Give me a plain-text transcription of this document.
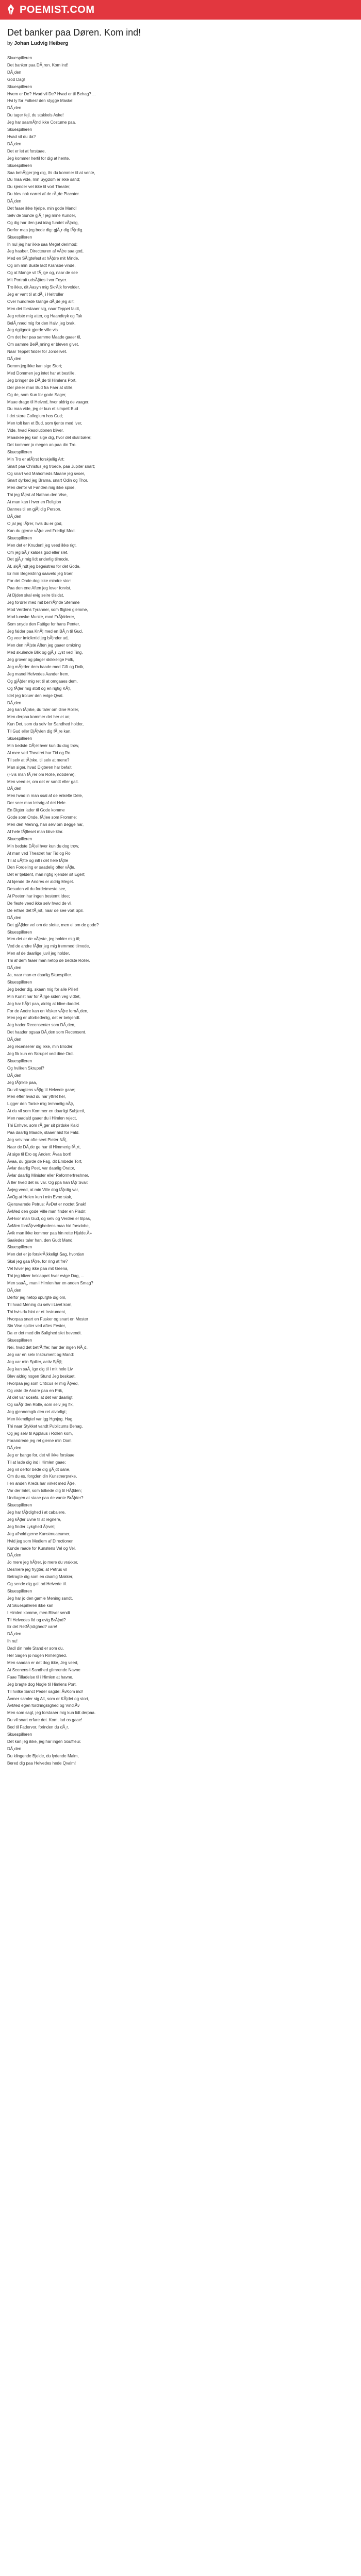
POEMIST.COM
Det banker paa Døren. Kom ind!
by Johan Ludvig Heiberg
Skuespilleren
Det banker paa DÃ¸ren. Kom ind!
DÃ¸den
God Dag!
Skuespilleren
Hvem er De? Hvad vil De? Hvad er til Behag? ...
Hvi ly for Folkes! den stygge Maske!
DÃ¸den
Du tager fejl, du stakkels Aske!
Jeg har saamÃ¦nd ikke Costume paa.
Skuespilleren
Hvad vil du da?
DÃ¸den
Det er let at forstaae,
Jeg kommer hertil for dig at hente.
Skuespilleren
Saa behÃ¦ger jeg dig, thi du kommer til at vente,
Du maa vide, min Sygdom er ikke sand;
Du kjender vel ikke til vort Theater,
Du blev nok narret af de rÃ¸de Placater.
DÃ¸den
Det faaer ikke hjelpe, min gode Mand!
Selv de Sunde gjÃ¸r jeg mine Kunder,
Og dig har den just idag fundet vÃ¦rdig,
Derfor maa jeg bede dig: gjÃ¸r dig fÃ¦rdig.
Skuespilleren
Ih nu! jeg har ikke saa Meget derimod;
Jeg haaber, Directeuren af vÃ¦re saa god,
Med en SÃ¦gtefest at hÃ¦dre mit Minde,
Og om min Buste ladt Kransbe vinde,
Og at Mange vil fÃ¸lge og, naar de see
Mit Portrait udsÃ¦ttes i vor Foyer.
Tro ikke, dit Aasyn mig SkrÃ¦k forvolder,
Jeg er vant til at dÃ¸ i Heltroller
Over hundrede Gange dÃ¸de jeg allt;
Men det forstaaer sig, naar Teppet faldt,
Jeg reiste mig atter, og Haandtryk og Tak
BelÃ¸nned mig for den Halv, jeg brak.
Jeg rigtignok gjorde ville vis
Om det her paa samme Maade gaaer til,
Om samme BelÃ¸nning er bleven givet,
Naar Teppet falder for Jordelivet.
DÃ¸den
Derom jeg ikke kan sige Stort;
Med Dommen jeg intet har at bestille,
Jeg bringer de DÃ¸de til Himlens Port,
Der pleier man Bud fra Faer at stille,
Og de, som Kun for gode Sager,
Maae drage til Helved, hvor aldrig de vaager.
Du maa vide, jeg er kun et simpelt Bud
I det store Collegium hos Gud;
Men tolt kan et Bud, som tjente med Iver,
Vide, hvad Resolutionen bliver.
Maaskee jeg kan sige dig, hvor det skal bære;
Det kommer jo megen an paa din Tro.
Skuespilleren
Min Tro er afÃ¦rst forskjellig Art:
Snart paa Christus jeg troede, paa Jupiter snart;
Og snart ved Mahomeds Maane jeg svoer,
Snart dyrked jeg Brama, snart Odin og Thor.
Men derfor vil Fanden mig ikke spise,
Thi jeg fÃ¦rst af Nathan den Vise,
At man kan i hver en Religion
Dannes til en gjÃ¦ldig Person.
DÃ¸den
O jal jeg lÃ¦rer, hvis du er god,
Kan du gjerne vÃ¦re ved Fredigt Mod.
Skuespilleren
Men det er Knuden! jeg veed ikke rigt,
Om jeg bÃ¸r kaldes god eller slet.
Det gjÃ¸r mig lidt underlig tilmode,
At, skjÃ¸ndt jeg begeistres for det Gode,
Er min Begeistring saaveld jeg troer,
For det Onde dog ikke mindre stor:
Paa den ene Aften jeg lover forvist,
At Djden skal evig seire tilsidst,
Jeg fordrer med mit ber?Ã¦nde Stemme
Mod Verdens Tyranner, som ffigten glemme,
Mod lumske Munke, mod FrÃ¦dderer,
Som snyde den Fattige for hans Penter,
Jeg falder paa KnÃ¦ med en BÃ¸n til Gud,
Og veer imidlertid jeg bÃ¦nder ud,
Men den nÃ¦ste Aften jeg gaaer omkring
Med skulende Blik og gjÃ¸r Lyst ved Ting,
Jeg grover og plager skikkelige Folk,
Jeg mÃ¦rder dem baade med Gift og Dolk,
Jeg manel Helvedes Aander frem,
Og gjÃ¦der mig ret til at omgaaes dem,
Og fÃ¦ler mig stolt og en rigtig KÃ¦l,
Idet jeg troluer den evige Qval.
DÃ¸den
Jeg kan tÃ¦nke, du taler om dine Roller,
Men derpaa kommer det her ei an;
Kun Det, som du selv for Sandhed holder,
Til Gud eller DjÃ¦vlen dig fÃ¸re kan.
Skuespilleren
Min bedste DÃ¦el hver kun du dog trow,
Al mee ved Theatret har Tid og Ro.
Til selv at tÃ¦nke, til selv at mene?
Man siger, hvad Digteren har befalt,
(Hvis man fÃ¸rer om Rolle, nobdene),
Men veed er, om det er sandt eller galt.
DÃ¸den
Men hvad in man ssal af de enkelte Dele,
Der seer man letsrig af det Hele.
En Digter lader til Gode komme
Gode som Onde, fÃ¦lee som Fromme;
Men den Mening, han selv om Begge har,
Af hele fÃ¦lleset man blive klar.
Skuespilleren
Min bedste DÃ¦el hver kun du dog trow,
At man ved Theatret har Tid og Ro
Til at uÃ¦tte og intl i det hele fÃ¦lle
Den Fordeling er saadelig ofter vÃ¦le,
Det er tjeldent, man rigtig kjender sit Egert;
At kjende de Andres er aldrig Meget.
Desuden vil du fordetmeste see,
At Poeten har ingen bestemt Idee;
De fleste veed ikke selv hvad de vil,
De erfare det fÃ¸rst, naar de see vort Spil.
DÃ¸den
Det gjÃ¦lder vel om de slette, men ei om de gode?
Skuespilleren
Men det er de vÃ¦rste, jeg holder mig til;
Ved de andre fÃ¦ler jeg mig fremmed tilmode,
Men af de daarlige juvil jeg holder,
Thi af dem faaer man netop de bedste Roller.
DÃ¸den
Ja, naar man er daarlig Skuespiller.
Skuespilleren
Jeg beder dig, skaan mig for alle Piller!
Min Kunst har for Ã¦rge siden veg vidtet,
Jeg har hÃ¦rt paa, aldrig at blive daddet.
For de Andre kan en Visker vÃ¦re fornÃ¸den,
Men jeg er uforbederlig, det er bekjendt.
Jeg hader Recensenter som DÃ¸den,
Det haader ogsaa DÃ¸den som Recensent.
DÃ¸den
Jeg recenserer dig ikke, min Broder;
Jeg fik kun en Skrupel ved dine Ord.
Skuespilleren
Og hvilken Skrupel?
DÃ¸den
Jeg tÃ¦nkte paa,
Du vil sagtens vÃ¦lg til Helvede gaae;
Men efter hvad du har yttret her,
Ligger den Tanke mig temmelig nÃ¦r,
At du vil som Kommer en daarligt Subjecti,
Men naadald gaaer du i Himlen reject,
Thi Enhver, som rÃ¸ger sit pirdske Kald
Paa daarlig Maade, staaer hist for Fald.
Jeg selv har ofte seet Pieter NÃ¦,
Naar de DÃ¸de ge har til Himmerig fÃ¸rt,
At sige til Ero og Anden: Ãvaa bort!
Ãvaa, du gjorde de Fag, dit Embede Tort,
Ãvlar daarlig Poet, var daarlig Orator,
Ãvlar daarlig Minister eller Reformerfreshner,
Ã ller hved det nu var. Og ppa han fÃ¦r Svar:
Ãvjeg veed, at min Ville dog fÃ¦rdig var,
ÃvOg at Helen kun i min Evne stak,
Gjensvarede Petrus: ÃvDet er noctet Snak!
ÃvMed den gode Ville man finder en Pladn;
ÃvHvor man Gud, og selv og Verden er tilpas,
ÃvMen fordÃ¦rvelighedens maa hid forsdobe,
Ãvik man ikke kommer paa hin rette Hjulde.Ã»
Saaledes taler han, den Gudt Mand.
Skuespilleren
Men det er jo forskrÃ¦kkeligt Sag, hvordan
Skal jeg gaa fÃ¦re, for ring at fre?
Vel tviver jeg ikke paa mit Geena,
Thi jeg bliver beklappet hver evige Dag, ...
Men saaÃ¸, man i Himlen har en anden Smag?
DÃ¸den
Derfor jeg netop spurgte dig om,
Til hvad Mening du selv i Livet kom,
Thi hvis du blot er et Instrument,
Hvorpaa snart en Fusker og snart en Mester
Sin Vise spiller ved aftes Fester,
Da er det med din Salighed slet bevendt.
Skuespilleren
Nei, hvad det betrÃ¦ffer, har der ingen NÃ¸d,
Jeg var en selv Instrument og Mand:
Jeg var min Spiller, activ SjÃ¦l;
Jeg kan saÃ¸ ige dig til i mit hele Liv
Blev aldrig nogen Stund Jeg beskuet,
Hvorpaa jeg som Criticus er mig Ã¦ved,
Og viste de Andre paa en Prik,
At det var uosefs, at det var daarligt.
Og saÃ¦r den Rolle, som selv jeg fik,
Jeg gjennemgik den ret alvorligt;
Men ikkmdlgtel var igg Hgnjog. Hag,
Thi naar Stykket vandt Publicums Behag,
Og jeg selv til Applaus i Rollen kom,
Forandrede jeg ret gierne min Dom.
DÃ¸den
Jeg er bange for, det vil ikke forslaae
Til at lade dig ind i Himlen gaae;
Jeg vil derfor bede dig gÃ¸dt oane,
Om du es, forgden din Kunstnerpvrke,
I en anden Kreds har virket med Ã¦re,
Var der Intet, som tolkede dig til HÃ¦lden;
Undtagen at staae paa de vante BrÃ¦der?
Skuespilleren
Jeg har fÃ¦rdighed i at cabalere,
Jeg kÃ¦ler Evne til at regnere,
Jeg finder Lykghed Ã¦rvel;
Jeg afhold gerne Kunstmuaeumer,
Hvid jeg som Medlem af Directionen
Kunde raade for Kunstens Vel og Vel.
DÃ¸den
Jo mere jeg hÃ¦rer, jo mere du vrakker,
Desmere jeg frygter, at Petrus vil
Betragte dig som en daarlig Makker,
Og sende dig galt ad Helvede til.
Skuespilleren
Jeg har jo den gamle Mening sandt,
At Skuespilleren ikke kan
I Himlen komme, men Bliver sendt
Til Helvedes Ild og evig BrÃ¦nd?
Er det RetfÃ¦rdighed? vare!
DÃ¸den
Ih nu!
Dadl din hele Stand er som du,
Her Sagen jo nogen Rimelighed.
Men saadan er det dog ikke, Jeg veed,
At Scenens i Sandhed glimrende Navne
Faae Tilladelse til i Himlen at havne,
Jeg bragte dog Nogle til Himlens Port,
Til hvilke Sanct Peder sagde: ÃvKom ind!
Ãvmer samler sig Alt, som er KÃ¦det og stort,
ÃvMed egen fordringslighed og Vind.Ãv
Men som sagt, jeg forstaaer mig kun lidt derpaa.
Du vil snart erfare det. Kom, lad os gaae!
Bed til Fadervor, forinden du dÃ¸r.
Skuespilleren
Det kan jeg ikke, jeg har ingen Souffleur.
DÃ¸den
Du klingende Bjelde, du lydende Malm,
Bered dig paa Helvedes hede Qvalm!
